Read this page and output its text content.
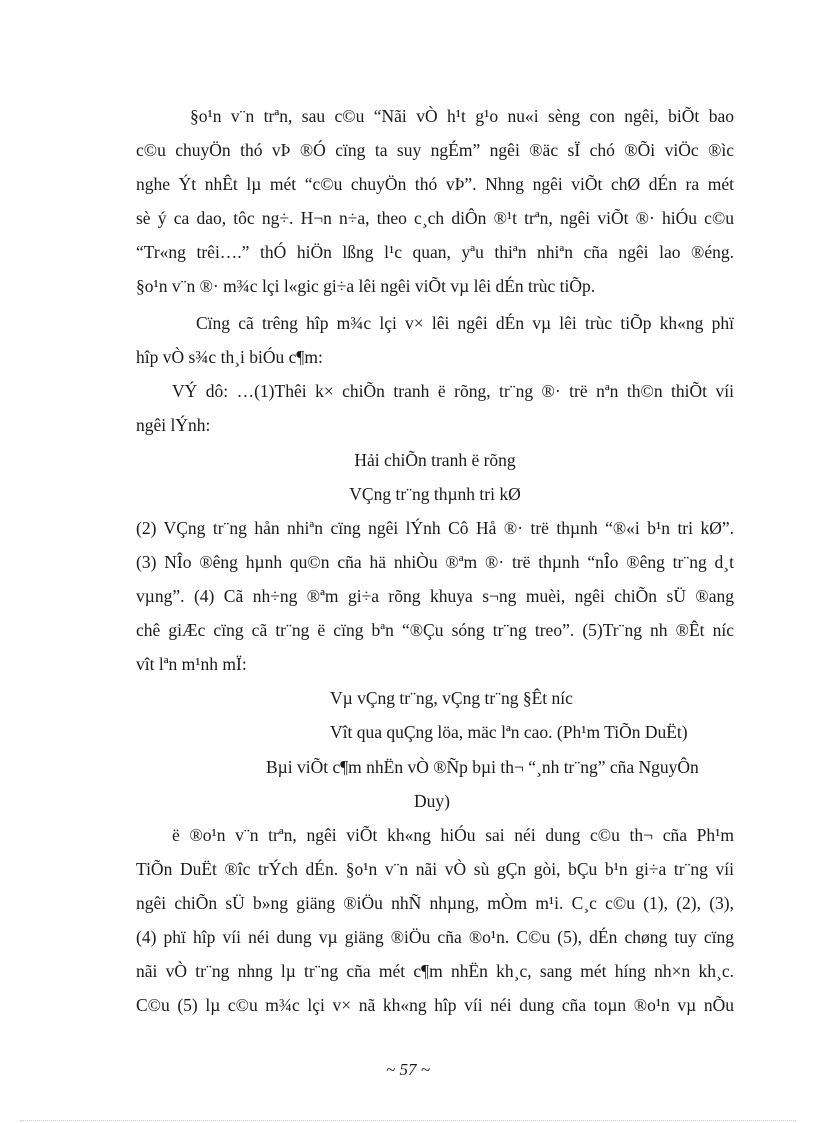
§o¹n v¨n trªn, sau c©u “Nãi vÒ h¹t g¹o nu«i sèng con ngêi, biÕt bao
c©u chuyÖn thó vÞ ®Ó cïng ta suy ngÉm” ngêi ®äc sÏ chó ®Õi viÖc ®ìc
nghe Ýt nhÊt lµ mét “c©u chuyÖn thó vÞ”. Nhng ngêi viÕt chØ dÉn ra mét
sè ý ca dao, tôc ng÷. H¬n n÷a, theo c¸ch diÔn ®¹t trªn, ngêi viÕt ®· hiÓu c©u
“Tr«ng trêi….” thÓ hiÖn lßng l¹c quan, yªu thiªn nhiªn cña ngêi lao ®éng.
§o¹n v¨n ®· m¾c lçi l«gic gi÷a lêi ngêi viÕt vµ lêi dÉn trùc tiÕp.
Cïng cã trêng hîp m¾c lçi v× lêi ngêi dÉn vµ lêi trùc tiÕp kh«ng phï
hîp vÒ s¾c th¸i biÓu c¶m:
VÝ dô: …(1)Thêi k× chiÕn tranh ë rõng, tr¨ng ®· trë nªn th©n thiÕt víi
ngêi lÝnh:
Hải chiÕn tranh ë rõng
VÇng tr¨ng thµnh tri kØ
(2) VÇng tr¨ng hån nhiªn cïng ngêi lÝnh Cô Hå ®· trë thµnh “®«i b¹n tri kØ”.
(3) NÎo ®êng hµnh qu©n cña hä nhiÒu ®ªm ®· trë thµnh “nÎo ®êng tr¨ng d¸t
vµng”. (4) Cã nh÷ng ®ªm gi÷a rõng khuya s¬ng muèi, ngêi chiÕn sÜ ®ang
chê giÆc cïng cã tr¨ng ë cïng bªn “®Çu sóng tr¨ng treo”. (5)Tr¨ng nh ®Êt níc
vît lªn m¹nh mÏ:
Vµ vÇng tr¨ng, vÇng tr¨ng §Êt níc
Vît qua quÇng löa, mäc lªn cao. (Ph¹m TiÕn DuËt)
Bµi viÕt c¶m nhËn vÒ ®Ñp bµi th¬ “¸nh tr¨ng” cña NguyÔn
Duy)
ë ®o¹n v¨n trªn, ngêi viÕt kh«ng hiÓu sai néi dung c©u th¬ cña Ph¹m
TiÕn DuËt ®îc trÝch dÉn. §o¹n v¨n nãi vÒ sù gÇn gòi, bÇu b¹n gi÷a tr¨ng víi
ngêi chiÕn sÜ b»ng giäng ®iÖu nhÑ nhµng, mÒm m¹i. C¸c c©u (1), (2), (3),
(4) phï hîp víi néi dung vµ giäng ®iÖu cña ®o¹n. C©u (5), dÉn chøng tuy cïng
nãi vÒ tr¨ng nhng lµ tr¨ng cña mét c¶m nhËn kh¸c, sang mét híng nh×n kh¸c.
C©u (5) lµ c©u m¾c lçi v× nã kh«ng hîp víi néi dung cña toµn ®o¹n vµ nÕu
~ 57 ~
